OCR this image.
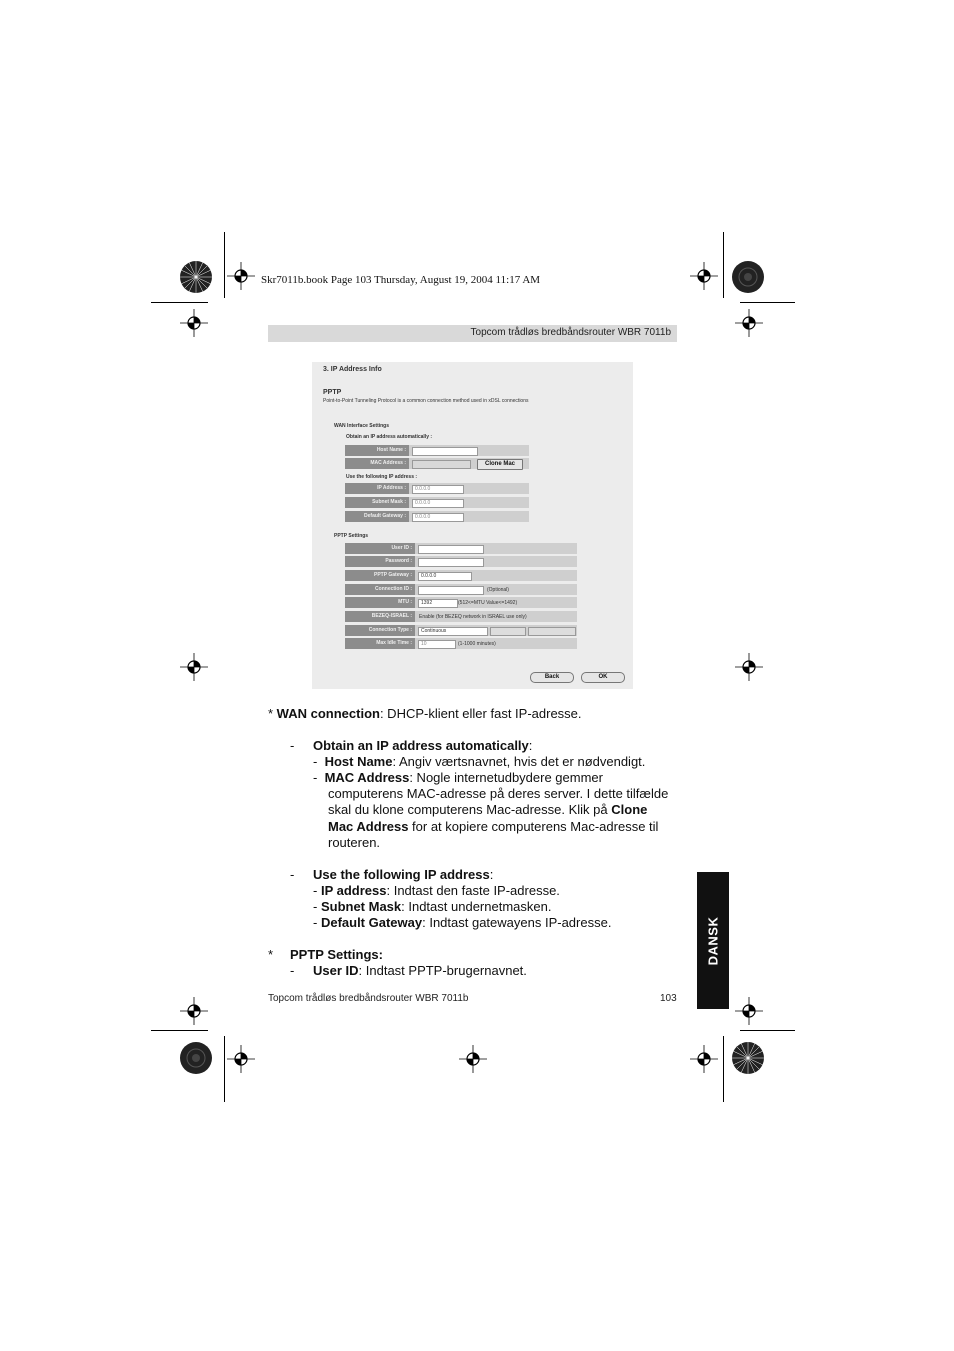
Skr7011b.book Page 103 Thursday, August 19, 2004 11:17 AM
Topcom trådløs bredbåndsrouter WBR 7011b
3. IP Address Info
PPTP
Point-to-Point Tunneling Protocol is a common connection method used in xDSL connections
WAN Interface Settings
Obtain an IP address automatically :
Host Name :
MAC Address :	Clone Mac
Use the following IP address :
IP Address :	0.0.0.0
Subnet Mask :	0.0.0.0
Default Gateway :	0.0.0.0
PPTP Settings
User ID :
Password :
PPTP Gateway :	0.0.0.0
Connection ID :	(Optional)
MTU :	1392	(512<=MTU Value<=1492)
BEZEQ-ISRAEL :	Enable (for BEZEQ network in ISRAEL use only)
Connection Type :	Continuous
Max Idle Time :	10	(1-1000 minutes)
Back	OK
* WAN connection: DHCP-klient eller fast IP-adresse.
- Obtain an IP address automatically:
-  Host Name: Angiv værtsnavnet, hvis det er nødvendigt.
-  MAC Address: Nogle internetudbydere gemmer
computerens MAC-adresse på deres server. I dette tilfælde
skal du klone computerens Mac-adresse. Klik på Clone
Mac Address for at kopiere computerens Mac-adresse til
routeren.
- Use the following IP address:
- IP address: Indtast den faste IP-adresse.
- Subnet Mask: Indtast undernetmasken.
- Default Gateway: Indtast gatewayens IP-adresse.
* PPTP Settings:
- User ID: Indtast PPTP-brugernavnet.
DANSK
Topcom trådløs bredbåndsrouter WBR 7011b	103
